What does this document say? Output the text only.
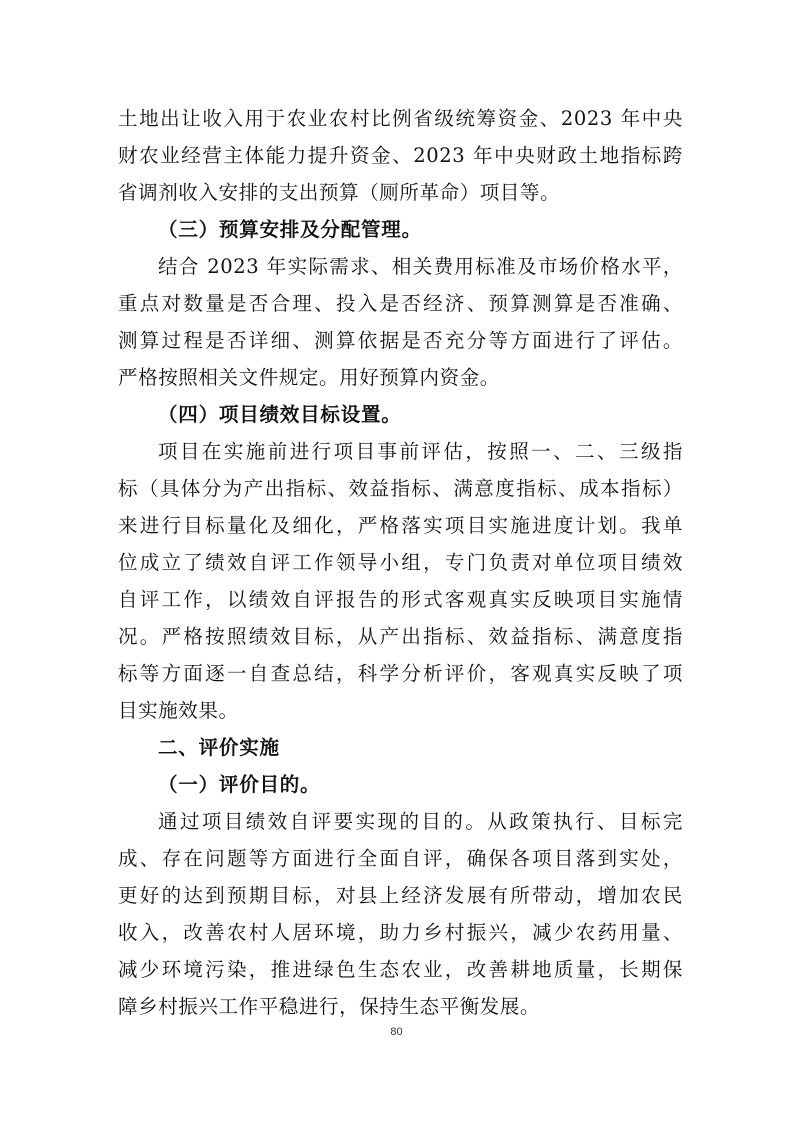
土地出让收入用于农业农村比例省级统筹资金、2023 年中央
财农业经营主体能力提升资金、2023 年中央财政土地指标跨
省调剂收入安排的支出预算（厕所革命）项目等。
（三）预算安排及分配管理。
结合 2023 年实际需求、相关费用标准及市场价格水平，
重点对数量是否合理、投入是否经济、预算测算是否准确、
测算过程是否详细、测算依据是否充分等方面进行了评估。
严格按照相关文件规定。用好预算内资金。
（四）项目绩效目标设置。
项目在实施前进行项目事前评估，按照一、二、三级指
标（具体分为产出指标、效益指标、满意度指标、成本指标）
来进行目标量化及细化，严格落实项目实施进度计划。我单
位成立了绩效自评工作领导小组，专门负责对单位项目绩效
自评工作，以绩效自评报告的形式客观真实反映项目实施情
况。严格按照绩效目标，从产出指标、效益指标、满意度指
标等方面逐一自查总结，科学分析评价，客观真实反映了项
目实施效果。
二、评价实施
（一）评价目的。
通过项目绩效自评要实现的目的。从政策执行、目标完
成、存在问题等方面进行全面自评，确保各项目落到实处，
更好的达到预期目标，对县上经济发展有所带动，增加农民
收入，改善农村人居环境，助力乡村振兴，减少农药用量、
减少环境污染，推进绿色生态农业，改善耕地质量，长期保
障乡村振兴工作平稳进行，保持生态平衡发展。
80
